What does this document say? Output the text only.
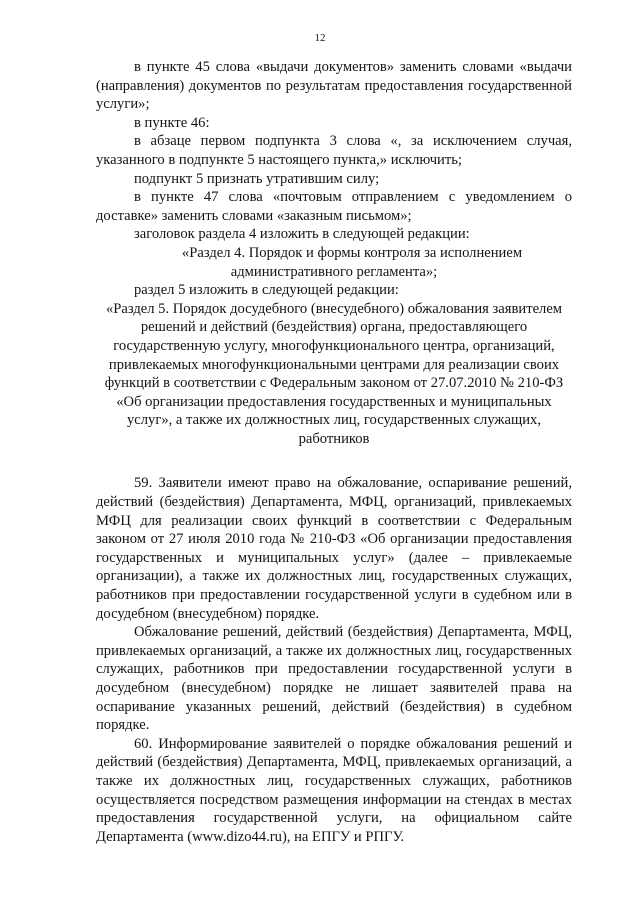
12

в пункте 45 слова «выдачи документов» заменить словами «выдачи (направления) документов по результатам предоставления государственной услуги»;

в пункте 46:

в абзаце первом подпункта 3 слова «, за исключением случая, указанного в подпункте 5 настоящего пункта,» исключить;

подпункт 5 признать утратившим силу;

в пункте 47 слова «почтовым отправлением с уведомлением о доставке» заменить словами «заказным письмом»;

заголовок раздела 4 изложить в следующей редакции:

«Раздел 4. Порядок и формы контроля за исполнением административного регламента»;

раздел 5 изложить в следующей редакции:

«Раздел 5. Порядок досудебного (внесудебного) обжалования заявителем решений и действий (бездействия) органа, предоставляющего государственную услугу, многофункционального центра, организаций, привлекаемых многофункциональными центрами для реализации своих функций в соответствии с Федеральным законом от 27.07.2010 № 210-ФЗ «Об организации предоставления государственных и муниципальных услуг», а также их должностных лиц, государственных служащих, работников

59. Заявители имеют право на обжалование, оспаривание решений, действий (бездействия) Департамента, МФЦ, организаций, привлекаемых МФЦ для реализации своих функций в соответствии с Федеральным законом от 27 июля 2010 года № 210-ФЗ «Об организации предоставления государственных и муниципальных услуг» (далее – привлекаемые организации), а также их должностных лиц, государственных служащих, работников при предоставлении государственной услуги в судебном или в досудебном (внесудебном) порядке.

Обжалование решений, действий (бездействия) Департамента, МФЦ, привлекаемых организаций, а также их должностных лиц, государственных служащих, работников при предоставлении государственной услуги в досудебном (внесудебном) порядке не лишает заявителей права на оспаривание указанных решений, действий (бездействия) в судебном порядке.

60. Информирование заявителей о порядке обжалования решений и действий (бездействия) Департамента, МФЦ, привлекаемых организаций, а также их должностных лиц, государственных служащих, работников осуществляется посредством размещения информации на стендах в местах предоставления государственной услуги, на официальном сайте Департамента (www.dizo44.ru), на ЕПГУ и РПГУ.
